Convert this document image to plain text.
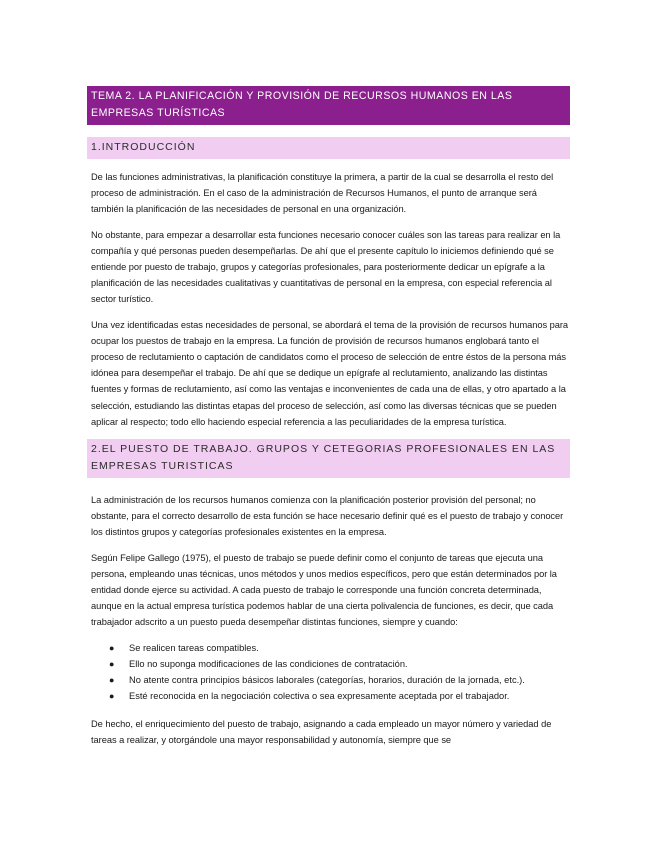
TEMA 2. LA PLANIFICACIÓN Y PROVISIÓN DE RECURSOS HUMANOS EN LAS EMPRESAS TURÍSTICAS
1.INTRODUCCIÓN

De las funciones administrativas, la planificación constituye la primera, a partir de la cual se desarrolla el resto del proceso de administración. En el caso de la administración de Recursos Humanos, el punto de arranque será también la planificación de las necesidades de personal en una organización.

No obstante, para empezar a desarrollar esta funciones necesario conocer cuáles son las tareas para realizar en la compañía y qué personas pueden desempeñarlas. De ahí que el presente capítulo lo iniciemos definiendo qué se entiende por puesto de trabajo, grupos y categorías profesionales, para posteriormente dedicar un epígrafe a la planificación de las necesidades cualitativas y cuantitativas de personal en la empresa, con especial referencia al sector turístico.

Una vez identificadas estas necesidades de personal, se abordará el tema de la provisión de recursos humanos para ocupar los puestos de trabajo en la empresa. La función de provisión de recursos humanos englobará tanto el proceso de reclutamiento o captación de candidatos como el proceso de selección de entre éstos de la persona más idónea para desempeñar el trabajo. De ahí que se dedique un epígrafe al reclutamiento, analizando las distintas fuentes y formas de reclutamiento, así como las ventajas e inconvenientes de cada una de ellas, y otro apartado a la selección, estudiando las distintas etapas del proceso de selección, así como las diversas técnicas que se pueden aplicar al respecto; todo ello haciendo especial referencia a las peculiaridades de la empresa turística.

2.EL PUESTO DE TRABAJO. GRUPOS Y CETEGORIAS PROFESIONALES EN LAS EMPRESAS TURISTICAS

La administración de los recursos humanos comienza con la planificación posterior provisión del personal; no obstante, para el correcto desarrollo de esta función se hace necesario definir qué es el puesto de trabajo y conocer los distintos grupos y categorías profesionales existentes en la empresa.

Según Felipe Gallego (1975), el puesto de trabajo se puede definir como el conjunto de tareas que ejecuta una persona, empleando unas técnicas, unos métodos y unos medios específicos, pero que están determinados por la entidad donde ejerce su actividad. A cada puesto de trabajo le corresponde una función concreta determinada, aunque en la actual empresa turística podemos hablar de una cierta polivalencia de funciones, es decir, que cada trabajador adscrito a un puesto pueda desempeñar distintas funciones, siempre y cuando:

● Se realicen tareas compatibles.
● Ello no suponga modificaciones de las condiciones de contratación.
● No atente contra principios básicos laborales (categorías, horarios, duración de la jornada, etc.).
● Esté reconocida en la negociación colectiva o sea expresamente aceptada por el trabajador.

De hecho, el enriquecimiento del puesto de trabajo, asignando a cada empleado un mayor número y variedad de tareas a realizar, y otorgándole una mayor responsabilidad y autonomía, siempre que se
